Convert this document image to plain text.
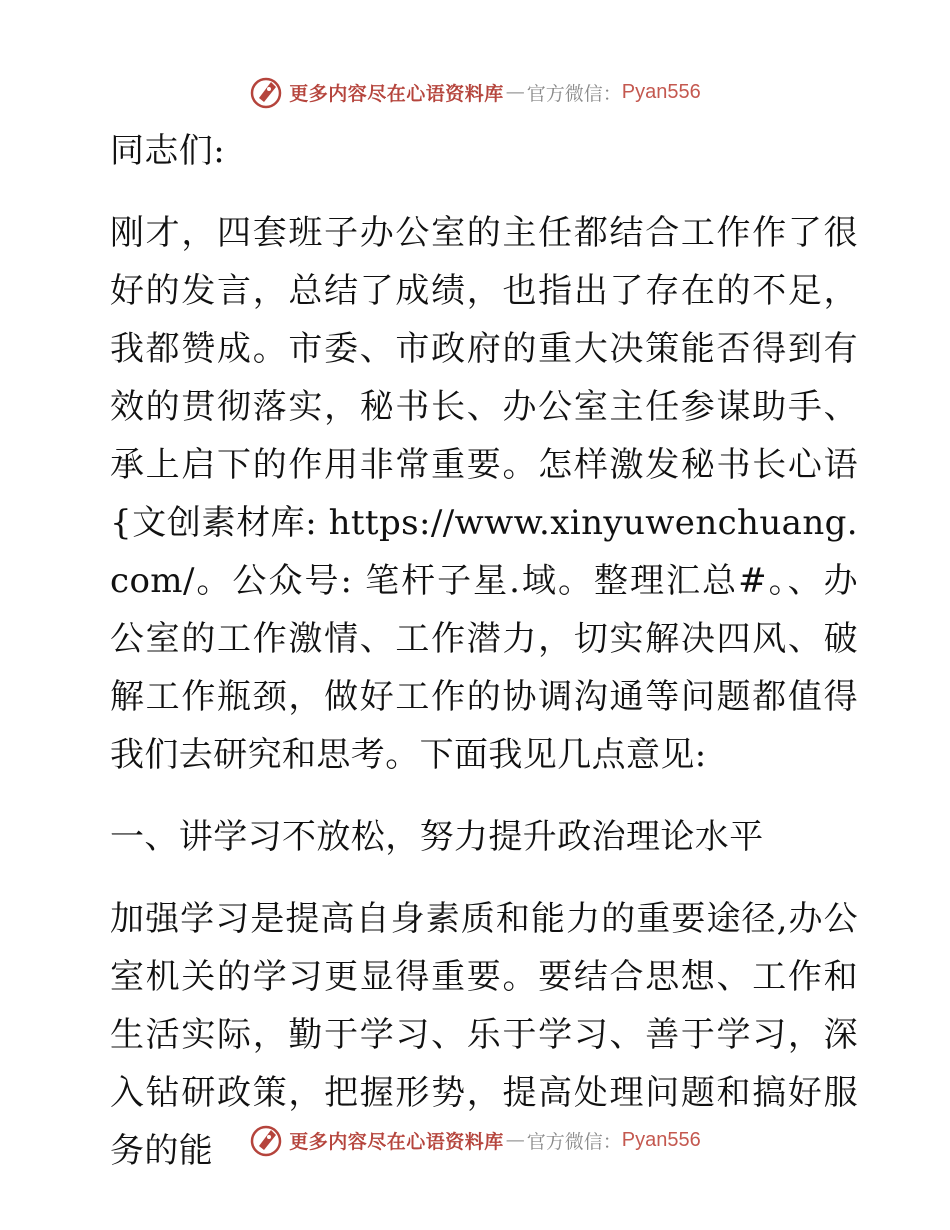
更多内容尽在心语资料库 — 官方微信： Pyan556

同志们:

刚才，四套班子办公室的主任都结合工作作了很好的发言，总结了成绩，也指出了存在的不足，我都赞成。市委、市政府的重大决策能否得到有效的贯彻落实，秘书长、办公室主任参谋助手、承上启下的作用非常重要。怎样激发秘书长心语{文创素材库: https://www.xinyuwenchuang.com/。公众号: 笔杆子星.域。整理汇总#。、办公室的工作激情、工作潜力，切实解决四风、破解工作瓶颈，做好工作的协调沟通等问题都值得我们去研究和思考。下面我见几点意见:

一、讲学习不放松，努力提升政治理论水平

加强学习是提高自身素质和能力的重要途径,办公室机关的学习更显得重要。要结合思想、工作和生活实际，勤于学习、乐于学习、善于学习，深入钻研政策，把握形势，提高处理问题和搞好服务的能	更多内容尽在心语资料库 — 官方微信： Pyan556
